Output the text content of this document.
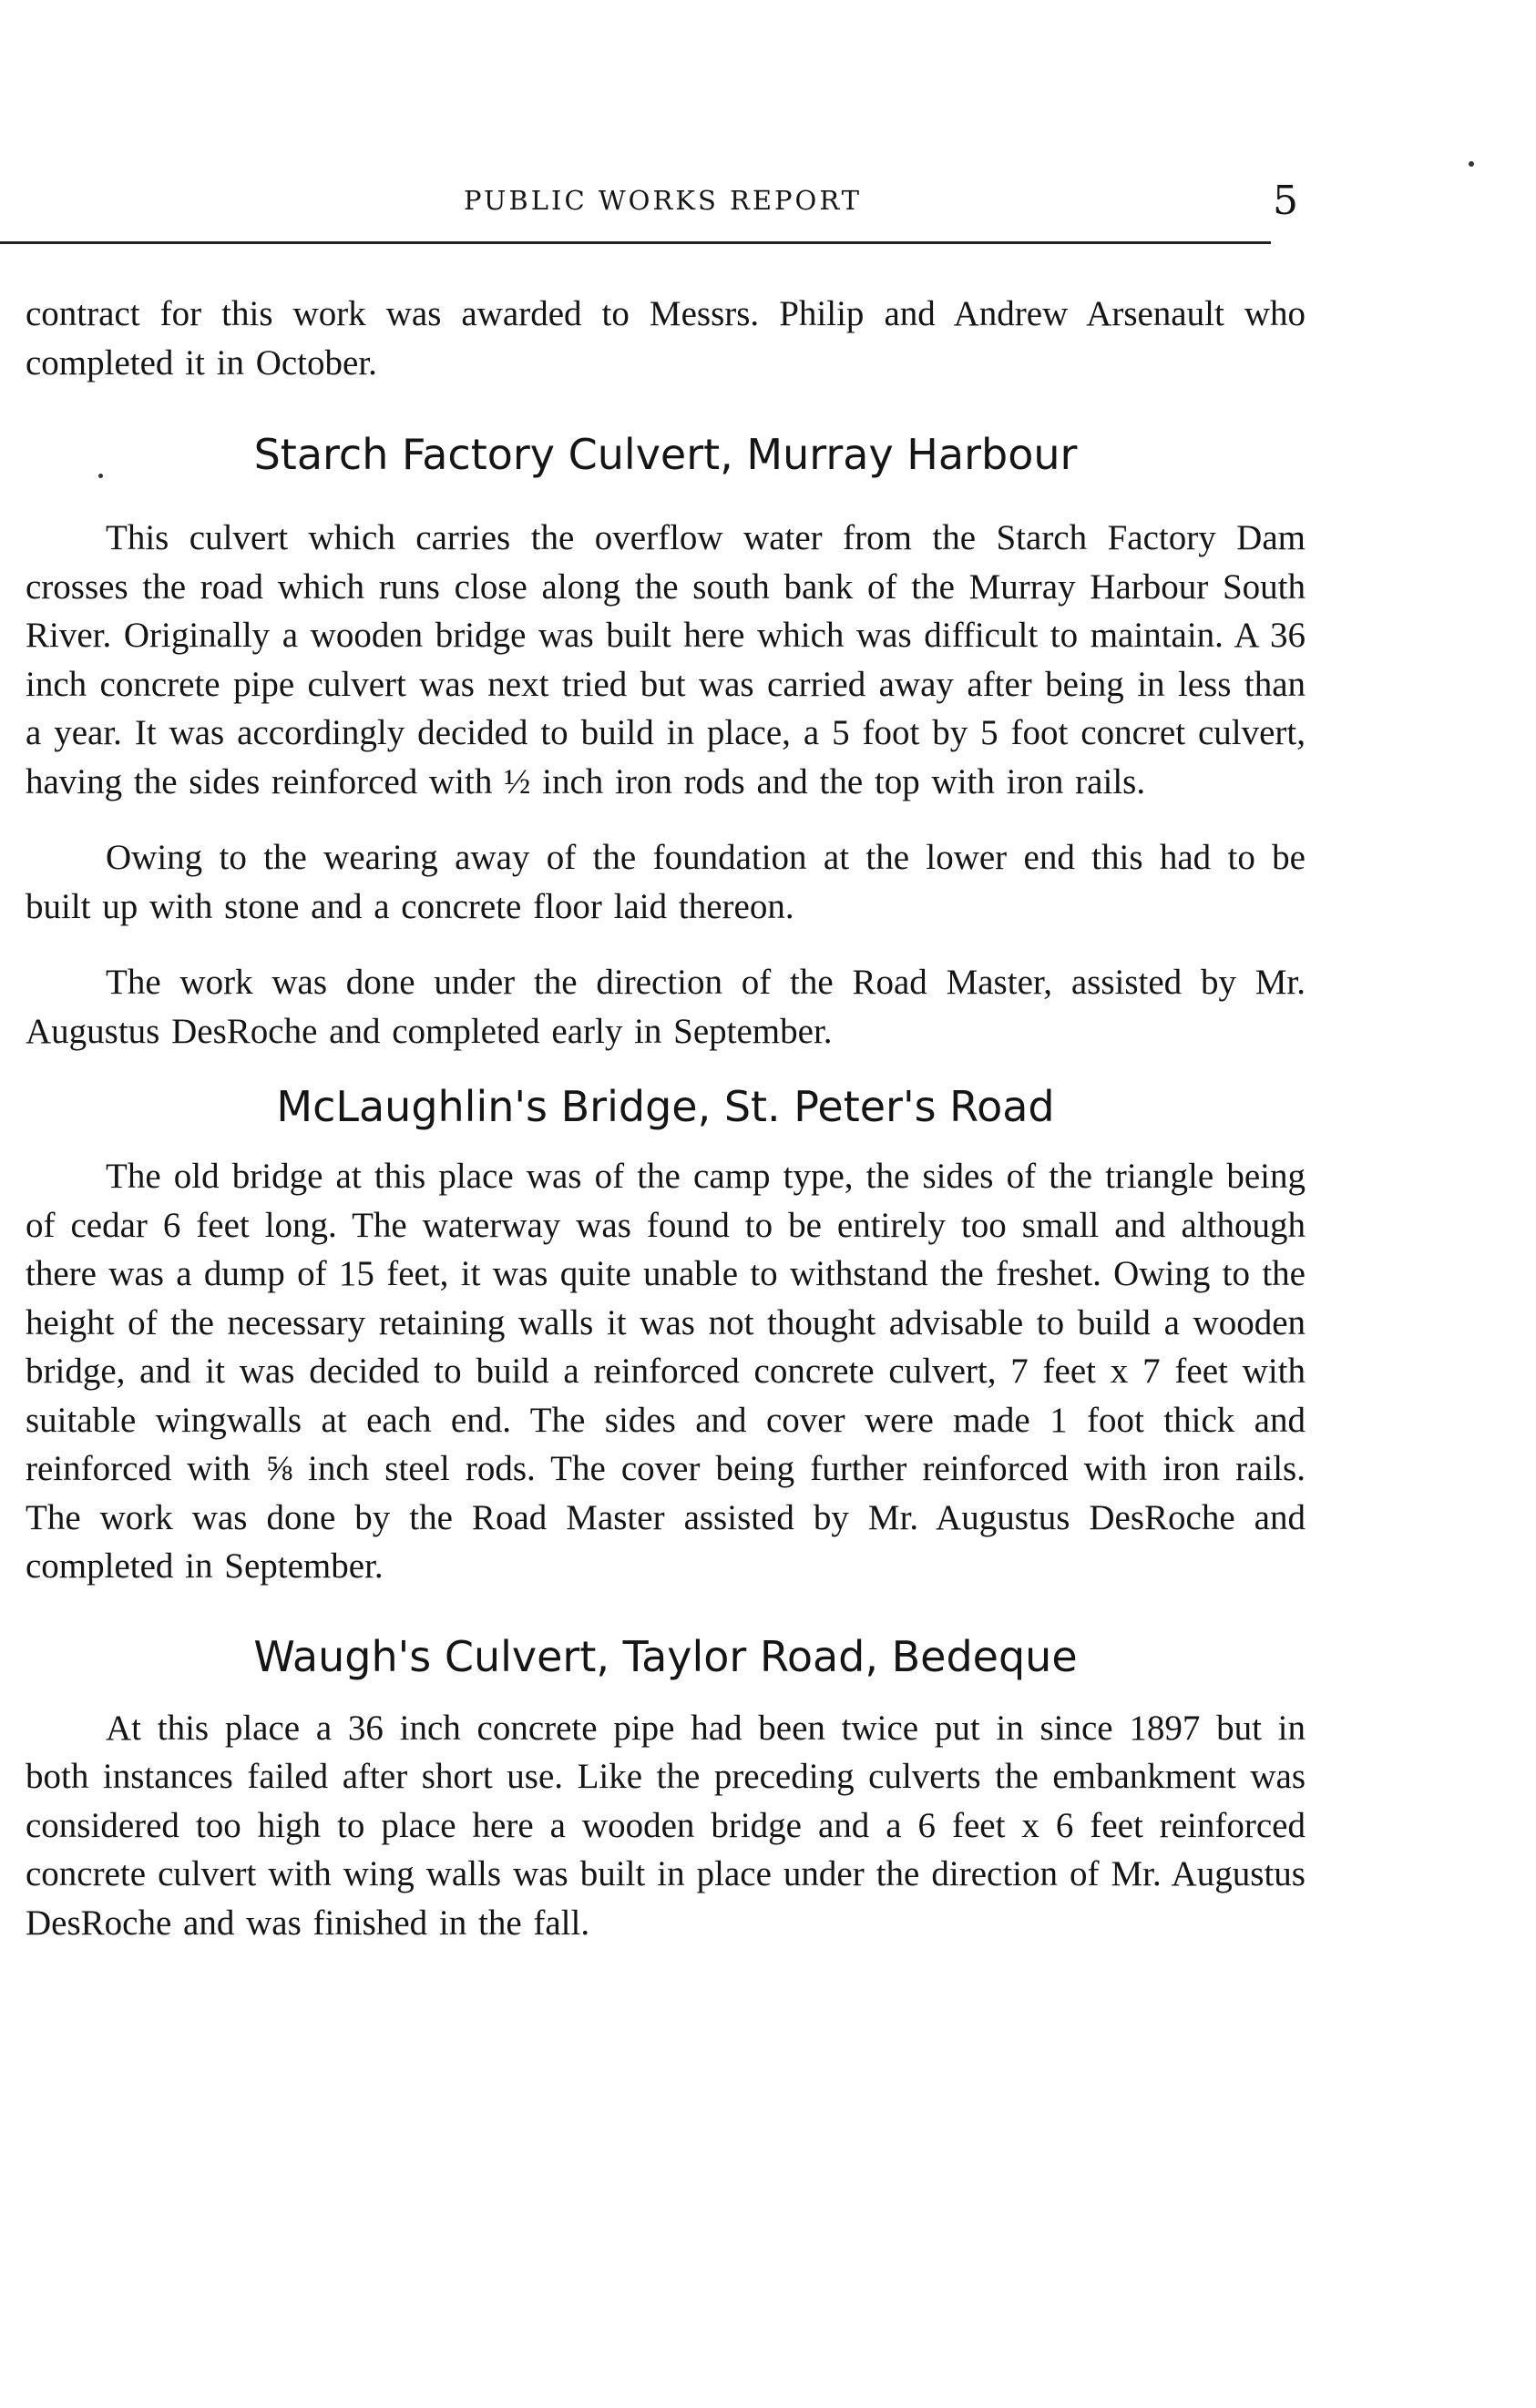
PUBLIC WORKS REPORT	5

contract for this work was awarded to Messrs. Philip and Andrew Arsenault who completed it in October.

Starch Factory Culvert, Murray Harbour

This culvert which carries the overflow water from the Starch Factory Dam crosses the road which runs close along the south bank of the Murray Harbour South River. Originally a wooden bridge was built here which was difficult to maintain. A 36 inch concrete pipe culvert was next tried but was carried away after being in less than a year. It was accordingly decided to build in place, a 5 foot by 5 foot concret culvert, having the sides reinforced with ½ inch iron rods and the top with iron rails.

Owing to the wearing away of the foundation at the lower end this had to be built up with stone and a concrete floor laid thereon.

The work was done under the direction of the Road Master, assisted by Mr. Augustus DesRoche and completed early in September.

McLaughlin's Bridge, St. Peter's Road

The old bridge at this place was of the camp type, the sides of the triangle being of cedar 6 feet long. The waterway was found to be entirely too small and although there was a dump of 15 feet, it was quite unable to withstand the freshet. Owing to the height of the necessary retaining walls it was not thought advisable to build a wooden bridge, and it was decided to build a reinforced concrete culvert, 7 feet x 7 feet with suitable wingwalls at each end. The sides and cover were made 1 foot thick and reinforced with ⅝ inch steel rods. The cover being further reinforced with iron rails. The work was done by the Road Master assisted by Mr. Augustus DesRoche and completed in September.

Waugh's Culvert, Taylor Road, Bedeque

At this place a 36 inch concrete pipe had been twice put in since 1897 but in both instances failed after short use. Like the preceding culverts the embankment was considered too high to place here a wooden bridge and a 6 feet x 6 feet reinforced concrete culvert with wing walls was built in place under the direction of Mr. Augustus DesRoche and was finished in the fall.
